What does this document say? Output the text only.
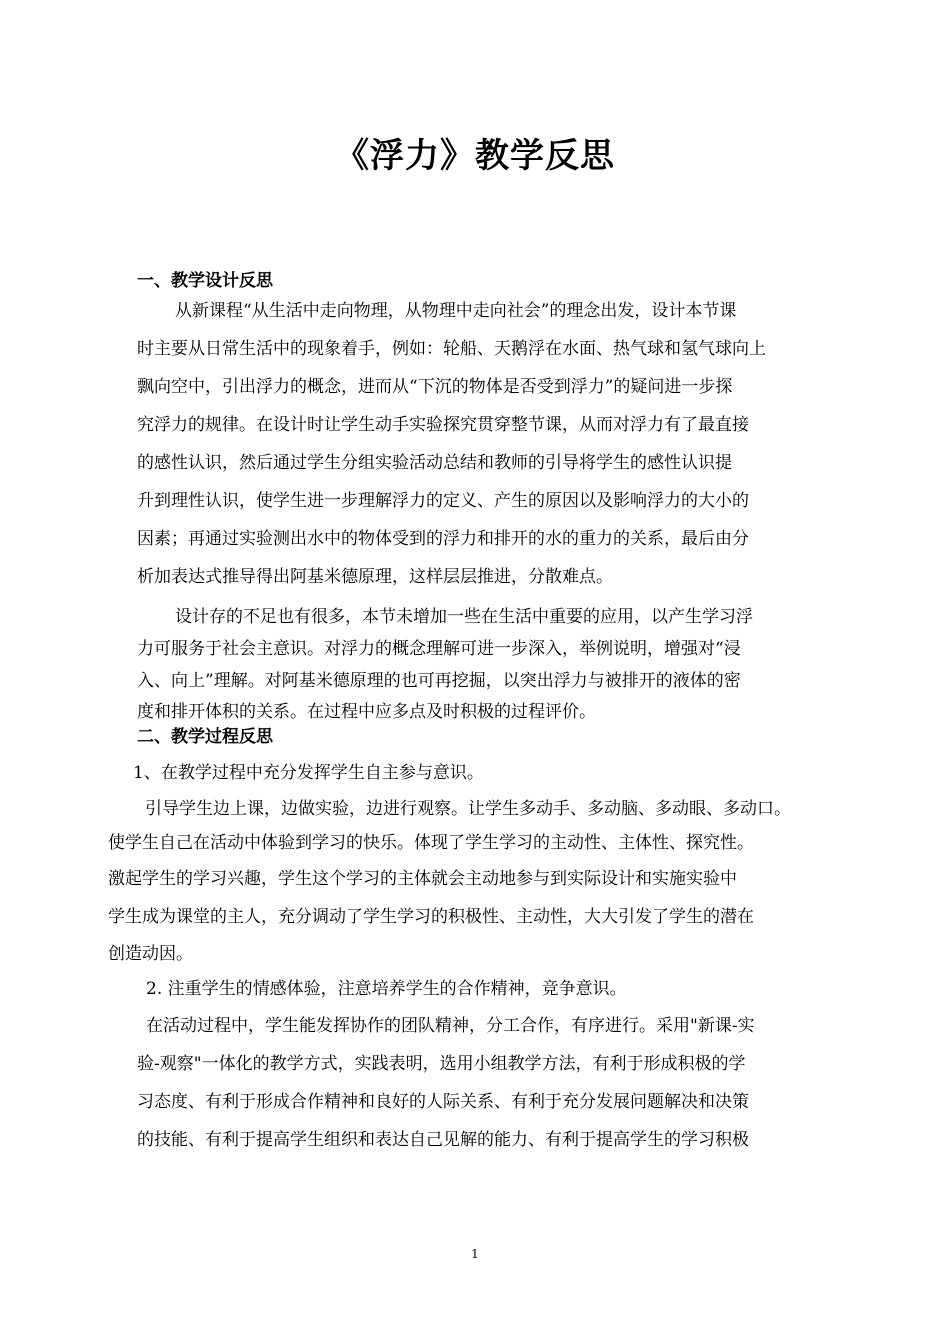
《浮力》教学反思
一、教学设计反思

从新课程“从生活中走向物理，从物理中走向社会”的理念出发，设计本节课

时主要从日常生活中的现象着手，例如：轮船、天鹅浮在水面、热气球和氢气球向上

飘向空中，引出浮力的概念，进而从“下沉的物体是否受到浮力”的疑问进一步探

究浮力的规律。在设计时让学生动手实验探究贯穿整节课，从而对浮力有了最直接

的感性认识，然后通过学生分组实验活动总结和教师的引导将学生的感性认识提

升到理性认识，使学生进一步理解浮力的定义、产生的原因以及影响浮力的大小的

因素；再通过实验测出水中的物体受到的浮力和排开的水的重力的关系，最后由分

析加表达式推导得出阿基米德原理，这样层层推进，分散难点。

设计存的不足也有很多，本节未增加一些在生活中重要的应用，以产生学习浮

力可服务于社会主意识。对浮力的概念理解可进一步深入，举例说明，增强对“浸

入、向上”理解。对阿基米德原理的也可再挖掘，以突出浮力与被排开的液体的密

度和排开体积的关系。在过程中应多点及时积极的过程评价。

二、教学过程反思

1、在教学过程中充分发挥学生自主参与意识。

引导学生边上课，边做实验，边进行观察。让学生多动手、多动脑、多动眼、多动口。

使学生自己在活动中体验到学习的快乐。体现了学生学习的主动性、主体性、探究性。

激起学生的学习兴趣，学生这个学习的主体就会主动地参与到实际设计和实施实验中

学生成为课堂的主人，充分调动了学生学习的积极性、主动性，大大引发了学生的潜在

创造动因。

2. 注重学生的情感体验，注意培养学生的合作精神，竞争意识。

在活动过程中，学生能发挥协作的团队精神，分工合作，有序进行。采用"新课-实

验-观察"一体化的教学方式，实践表明，选用小组教学方法，有利于形成积极的学

习态度、有利于形成合作精神和良好的人际关系、有利于充分发展问题解决和决策

的技能、有利于提高学生组织和表达自己见解的能力、有利于提高学生的学习积极

1
